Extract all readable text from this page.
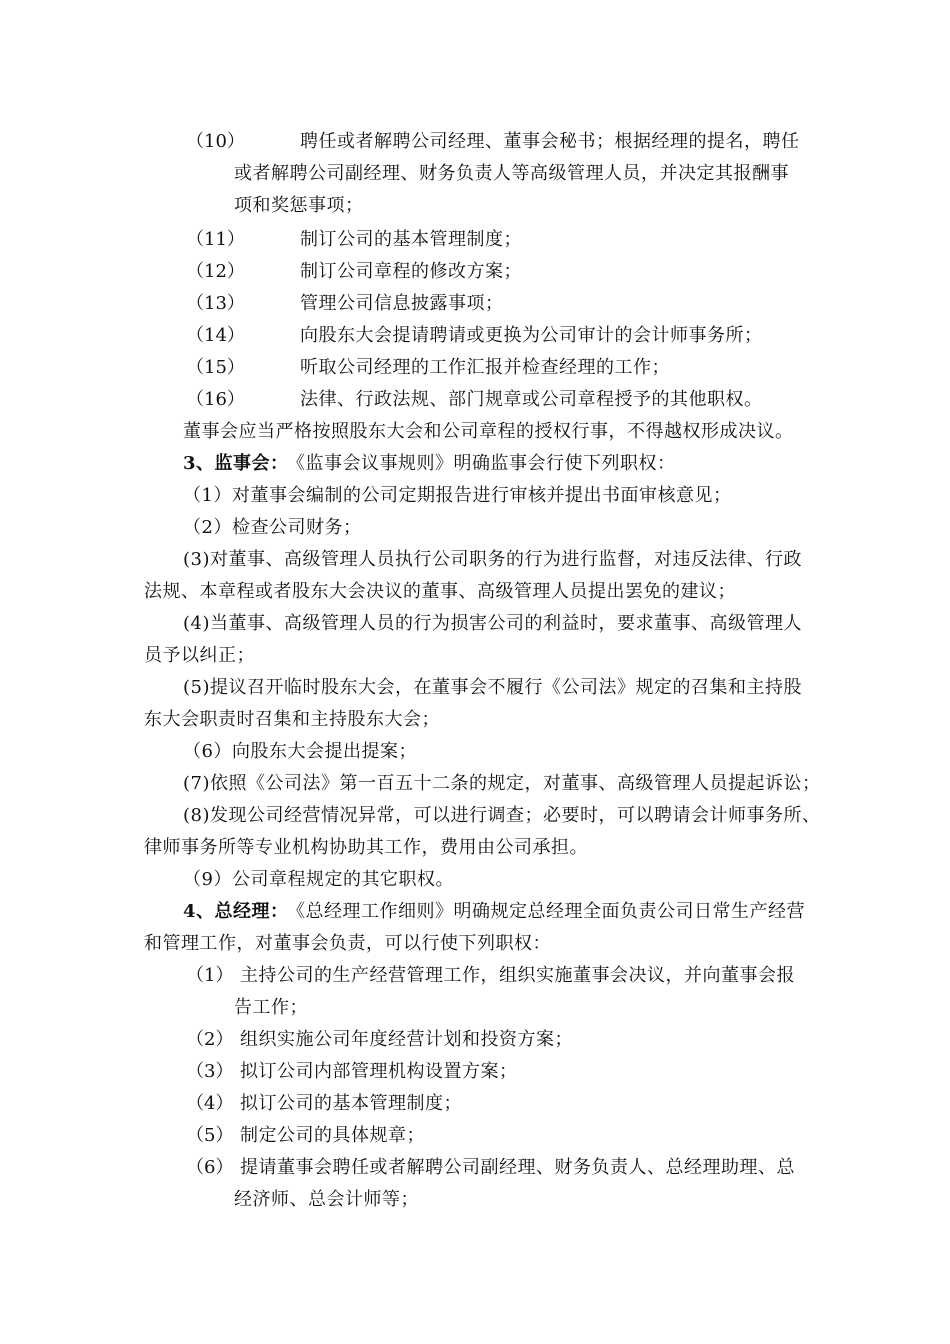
（10）	聘任或者解聘公司经理、董事会秘书；根据经理的提名，聘任
或者解聘公司副经理、财务负责人等高级管理人员，并决定其报酬事
项和奖惩事项；
（11）	制订公司的基本管理制度；
（12）	制订公司章程的修改方案；
（13）	管理公司信息披露事项；
（14）	向股东大会提请聘请或更换为公司审计的会计师事务所；
（15）	听取公司经理的工作汇报并检查经理的工作；
（16）	法律、行政法规、部门规章或公司章程授予的其他职权。
董事会应当严格按照股东大会和公司章程的授权行事，不得越权形成决议。
3、监事会：
《监事会议事规则》明确监事会行使下列职权：
（1）对董事会编制的公司定期报告进行审核并提出书面审核意见；
（2）检查公司财务；
(3)对董事、高级管理人员执行公司职务的行为进行监督，对违反法律、行政
法规、本章程或者股东大会决议的董事、高级管理人员提出罢免的建议；
(4)当董事、高级管理人员的行为损害公司的利益时，要求董事、高级管理人
员予以纠正；
(5)提议召开临时股东大会，在董事会不履行《公司法》规定的召集和主持股
东大会职责时召集和主持股东大会；
（6）向股东大会提出提案；
(7)依照《公司法》第一百五十二条的规定，对董事、高级管理人员提起诉讼；
(8)发现公司经营情况异常，可以进行调查；必要时，可以聘请会计师事务所、
律师事务所等专业机构协助其工作，费用由公司承担。
（9）公司章程规定的其它职权。
4、总经理：
《总经理工作细则》明确规定总经理全面负责公司日常生产经营
和管理工作，对董事会负责，可以行使下列职权：
（1） 主持公司的生产经营管理工作，组织实施董事会决议，并向董事会报
告工作；
（2） 组织实施公司年度经营计划和投资方案；
（3） 拟订公司内部管理机构设置方案；
（4） 拟订公司的基本管理制度；
（5） 制定公司的具体规章；
（6） 提请董事会聘任或者解聘公司副经理、财务负责人、总经理助理、总
经济师、总会计师等；
